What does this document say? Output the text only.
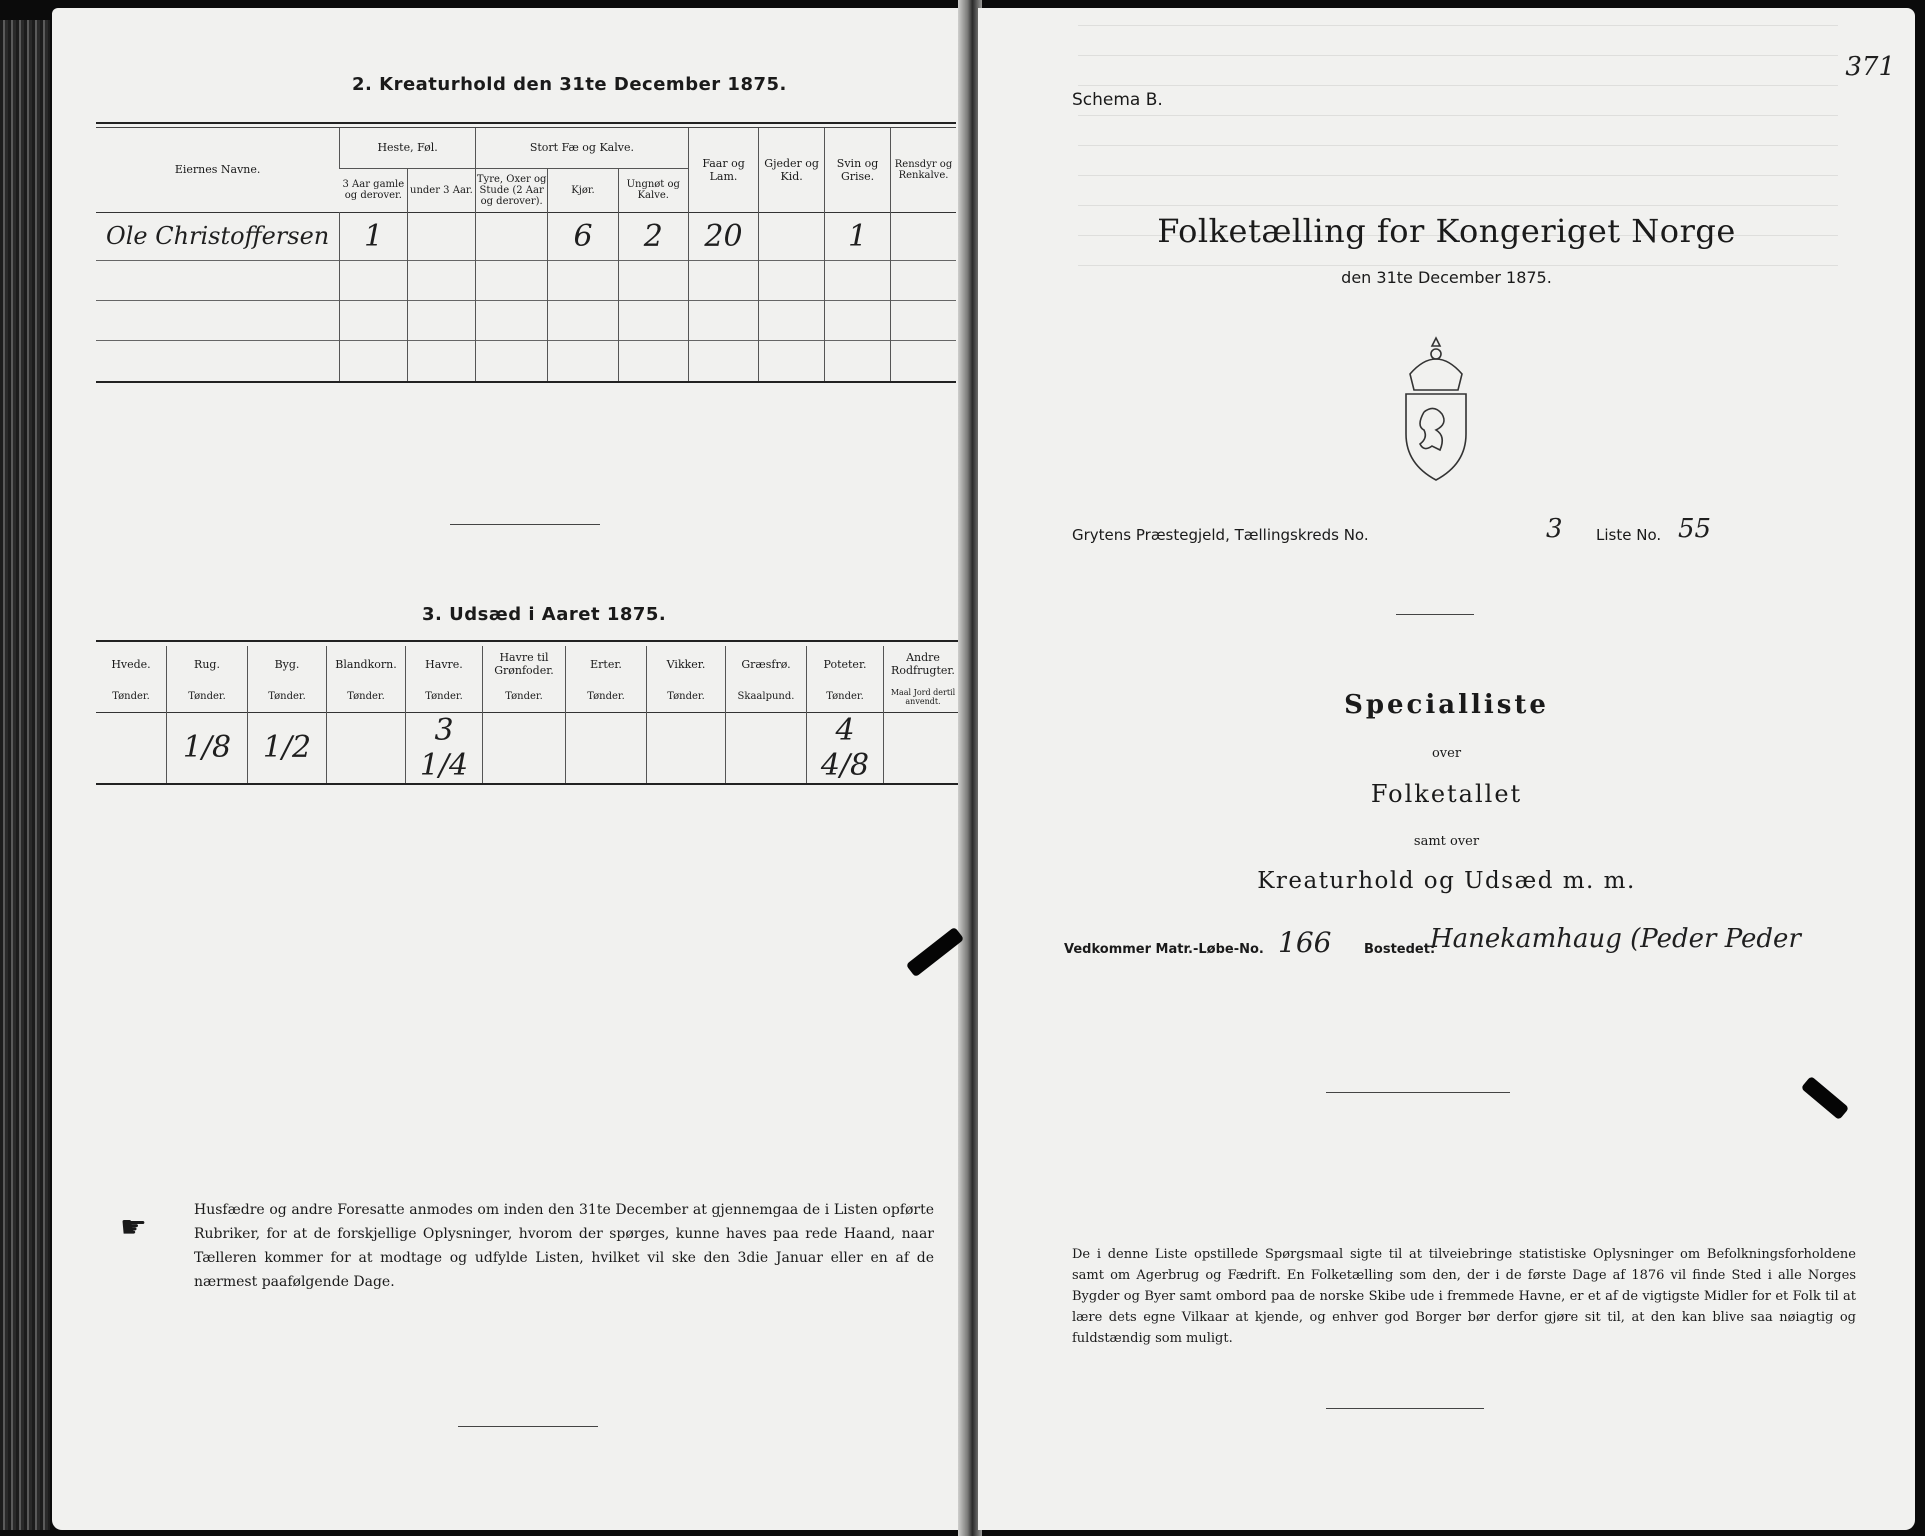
2. Kreaturhold den 31te December 1875.
Eiernes Navne.	Heste, Føl.		Stort Fæ og Kalve.			Faar og Lam.	Gjeder og Kid.	Svin og Grise.	Rensdyr og Renkalve.
	3 Aar gamle og derover.	under 3 Aar.	Tyre, Oxer og Stude (2 Aar og derover).	Kjør.	Ungnøt og Kalve.				
Ole Christoffersen	1			6	2	20		1	

3. Udsæd i Aaret 1875.
Hvede.	Rug.	Byg.	Blandkorn.	Havre.	Havre til Grønfoder.	Erter.	Vikker.	Græsfrø.	Poteter.	Andre Rodfrugter.
Tønder.	Tønder.	Tønder.	Tønder.	Tønder.	Tønder.	Tønder.	Tønder.	Skaalpund.	Tønder.	Maal Jord dertil anvendt.
	1/8	1/2		3 1/4					4 4/8	
☛	Husfædre og andre Foresatte anmodes om inden den 31te December at gjennemgaa de i Listen opførte Rubriker, for at de forskjellige Oplysninger, hvorom der spørges, kunne haves paa rede Haand, naar Tælleren kommer for at modtage og udfylde Listen, hvilket vil ske den 3die Januar eller en af de nærmest paafølgende Dage.
371
Schema B.
Folketælling for Kongeriget Norge
den 31te December 1875.
Grytens Præstegjeld, Tællingskreds No.	3 Liste No. 55
Specialliste
over
Folketallet
samt over
Kreaturhold og Udsæd m. m.
Vedkommer Matr.-Løbe-No. 166	Bostedet:
Hanekamhaug (Peder Peder
De i denne Liste opstillede Spørgsmaal sigte til at tilveiebringe statistiske Oplysninger om Befolkningsforholdene samt om Agerbrug og Fædrift. En Folketælling som den, der i de første Dage af 1876 vil finde Sted i alle Norges Bygder og Byer samt ombord paa de norske Skibe ude i fremmede Havne, er et af de vigtigste Midler for et Folk til at lære dets egne Vilkaar at kjende, og enhver god Borger bør derfor gjøre sit til, at den kan blive saa nøiagtig og fuldstændig som muligt.
